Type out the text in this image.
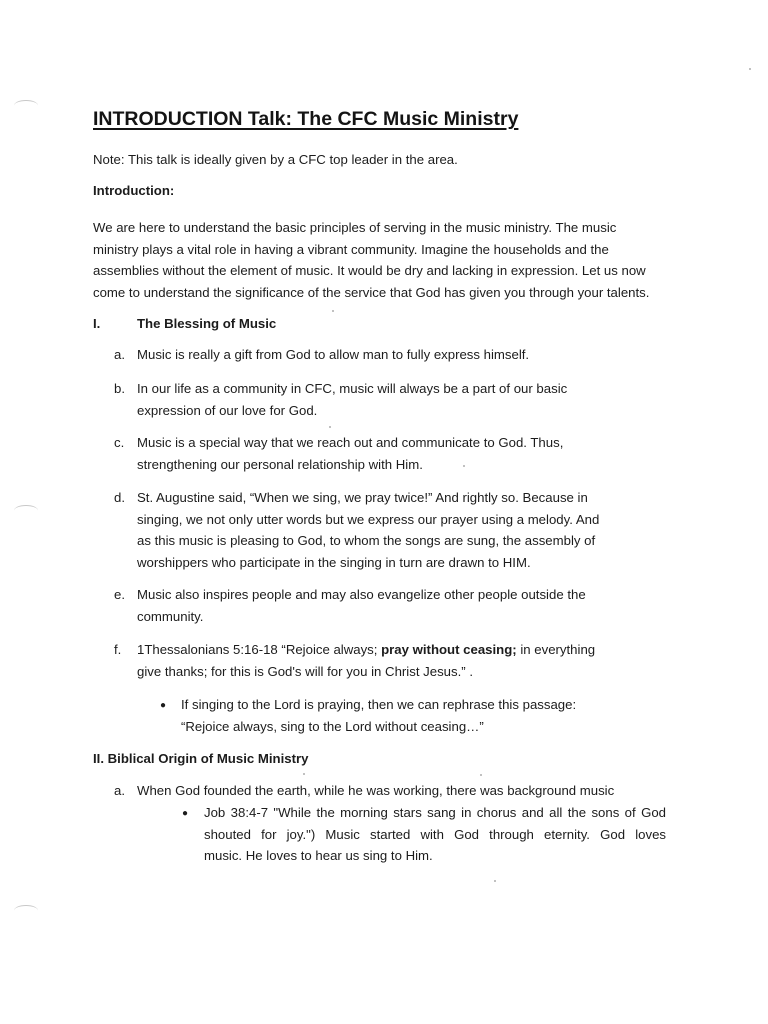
INTRODUCTION Talk: The CFC Music Ministry
Note: This talk is ideally given by a CFC top leader in the area.
Introduction:
We are here to understand the basic principles of serving in the music ministry. The music
ministry plays a vital role in having a vibrant community. Imagine the households and the
assemblies without the element of music. It would be dry and lacking in expression. Let us now
come to understand the significance of the service that God has given you through your talents.
I.	The Blessing of Music
a. Music is really a gift from God to allow man to fully express himself.
b. In our life as a community in CFC, music will always be a part of our basic
expression of our love for God.
c. Music is a special way that we reach out and communicate to God. Thus,
strengthening our personal relationship with Him.
d. St. Augustine said, “When we sing, we pray twice!” And rightly so. Because in
singing, we not only utter words but we express our prayer using a melody. And
as this music is pleasing to God, to whom the songs are sung, the assembly of
worshippers who participate in the singing in turn are drawn to HIM.
e. Music also inspires people and may also evangelize other people outside the
community.
f. 1Thessalonians 5:16-18 “Rejoice always; pray without ceasing; in everything
give thanks; for this is God's will for you in Christ Jesus.” .
● If singing to the Lord is praying, then we can rephrase this passage:
“Rejoice always, sing to the Lord without ceasing…”
II. Biblical Origin of Music Ministry
a. When God founded the earth, while he was working, there was background music
● Job 38:4-7 "While the morning stars sang in chorus and all the sons of God
shouted for joy.") Music started with God through eternity. God loves
music. He loves to hear us sing to Him.
